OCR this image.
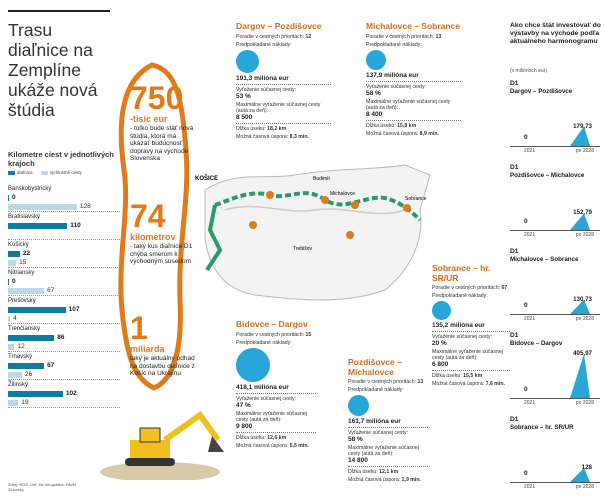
Trasu diaľnice na Zemplíne ukáže nová štúdia
Kilometre ciest v jednotlivých krajoch
diaľnice	rýchlostné cesty
Banskobystrický
0
128
Bratislavský
110
Košický
22
15
Nitriansky
0
67
Prešovský
107
4
Trenčiansky
86
12
Trnavský
67
26
Žilinský
102
19
Zdroj: NDS, Úrif, Mv Infografika: HN/M. Zidovský
750
-tisíc eur
- toľko bude stáť nová štúdia, ktorá má ukázať budúcnosť dopravy na východe Slovenska
74
kilometrov
- taký kus diaľnice D1 chýba smerom k východným susedom
1
miliarda
taký je aktuálny odhad na dostavbu diaľnice z Košíc na Ukrajinu
KOŠICE	Budimír
Michalovce
Sobrance
Trebišov
Dargov – Pozdišovce
Poradie v cestných prioritách: 12
Predpokladané náklady:
191,3 milióna eur
Vyťaženie súčasnej cesty:
53 %
Maximálne vyťaženie súčasnej cesty (autá za deň):
8 500
Dĺžka úseku: 18,2 km
Možná časová úspora: 8,3 min.
Michalovce – Sobrance
Poradie v cestných prioritách: 13
Predpokladané náklady:
137,9 milióna eur
Vyťaženie súčasnej cesty:
58 %
Maximálne vyťaženie súčasnej cesty (autá za deň):
8 400
Dĺžka úseku: 15,8 km
Možná časová úspora: 8,9 min.
Sobrance – hr. SR/UR
Poradie v cestných prioritách: 67
Predpokladané náklady:
135,2 milióna eur
Vyťaženie súčasnej cesty:
20 %
Maximálne vyťaženie súčasnej cesty (autá za deň):
6 800
Dĺžka úseku: 15,5 km
Možná časová úspora: 7,6 min.
Bidovce – Dargov
Poradie v cestných prioritách: 15
Predpokladané náklady:
418,1 milióna eur
Vyťaženie súčasnej cesty:
47 %
Maximálne vyťaženie súčasnej cesty (autá za deň):
9 800
Dĺžka úseku: 12,6 km
Možná časová úspora: 5,5 min.
Pozdišovce – Michalovce
Poradie v cestných prioritách: 13
Predpokladané náklady:
161,7 milióna eur
Vyťaženie súčasnej cesty:
58 %
Maximálne vyťaženie súčasnej cesty (autá za deň):
14 800
Dĺžka úseku: 12,1 km
Možná časová úspora: 1,9 min.
Ako chce štát investovať do výstavby na východe podľa aktuálneho harmonogramu
(v miliónoch eur)
D1
Dargov – Pozdišovce
179,73
0
2021	po 2028
D1
Pozdišovce – Michalovce
152,79
0
2021	po 2028
D1
Michalovce – Sobrance
130,73
0
2021	po 2028
D1
Bidovce – Dargov
405,97
0
2021	po 2028
D1
Sobrance – hr. SR/UR
128
0
2021	po 2028
